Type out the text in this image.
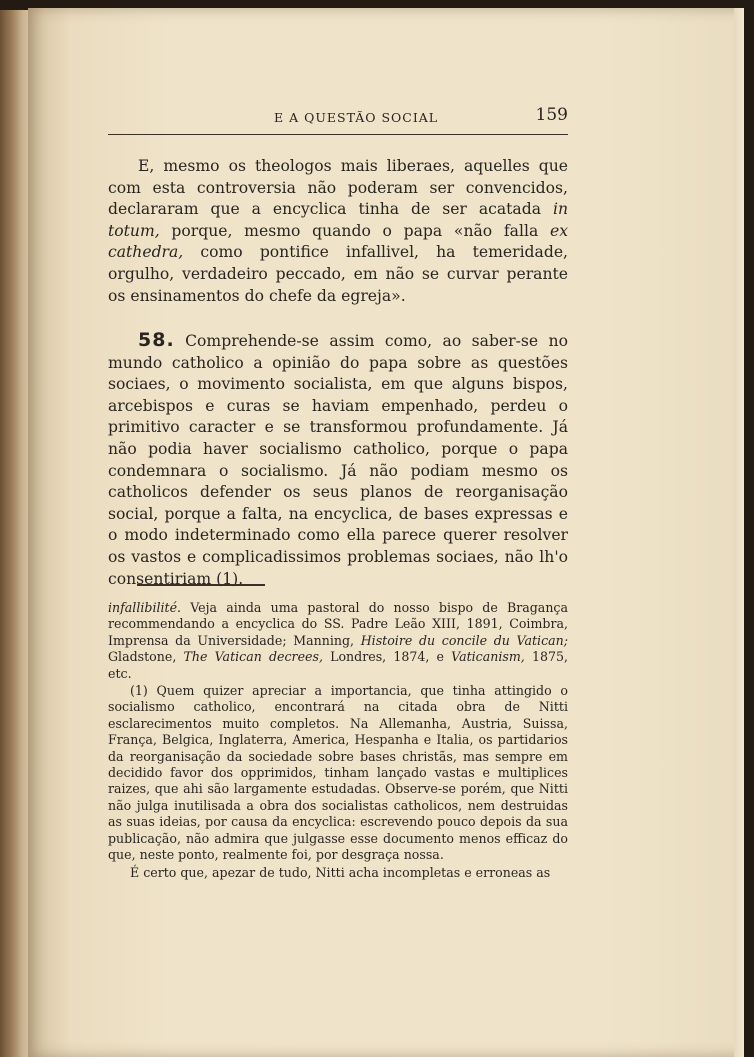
E A QUESTÃO SOCIAL	159

E, mesmo os theologos mais liberaes, aquelles que com esta controversia não poderam ser convencidos, declararam que a encyclica tinha de ser acatada in totum, porque, mesmo quando o papa «não falla ex cathedra, como pontifice infallivel, ha temeridade, orgulho, verdadeiro peccado, em não se curvar perante os ensinamentos do chefe da egreja».

58. Comprehende-se assim como, ao saber-se no mundo catholico a opinião do papa sobre as questões sociaes, o movimento socialista, em que alguns bispos, arcebispos e curas se haviam empenhado, perdeu o primitivo caracter e se transformou profundamente. Já não podia haver socialismo catholico, porque o papa condemnara o socialismo. Já não podiam mesmo os catholicos defender os seus planos de reorganisação social, porque a falta, na encyclica, de bases expressas e o modo indeterminado como ella parece querer resolver os vastos e complicadissimos problemas sociaes, não lh'o consentiriam (1).

infallibilité. Veja ainda uma pastoral do nosso bispo de Bragança recommendando a encyclica do SS. Padre Leão XIII, 1891, Coimbra, Imprensa da Universidade; Manning, Histoire du concile du Vatican; Gladstone, The Vatican decrees, Londres, 1874, e Vaticanism, 1875, etc.

(1) Quem quizer apreciar a importancia, que tinha attingido o socialismo catholico, encontrará na citada obra de Nitti esclarecimentos muito completos. Na Allemanha, Austria, Suissa, França, Belgica, Inglaterra, America, Hespanha e Italia, os partidarios da reorganisação da sociedade sobre bases christãs, mas sempre em decidido favor dos opprimidos, tinham lançado vastas e multiplices raizes, que ahi são largamente estudadas. Observe-se porém, que Nitti não julga inutilisada a obra dos socialistas catholicos, nem destruidas as suas ideias, por causa da encyclica: escrevendo pouco depois da sua publicação, não admira que julgasse esse documento menos efficaz do que, neste ponto, realmente foi, por desgraça nossa.

É certo que, apezar de tudo, Nitti acha incompletas e erroneas as
